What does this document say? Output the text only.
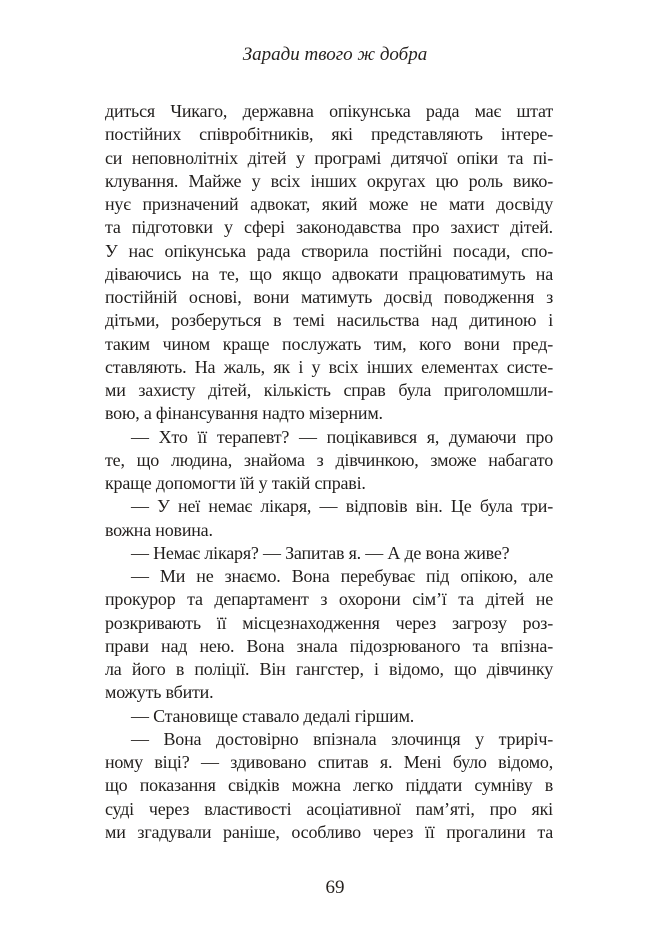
Заради твого ж добра
диться Чикаго, державна опікунська рада має штат
постійних співробітників, які представляють інтере-
си неповнолітніх дітей у програмі дитячої опіки та пі-
клування. Майже у всіх інших округах цю роль вико-
нує призначений адвокат, який може не мати досвіду
та підготовки у сфері законодавства про захист дітей.
У нас опікунська рада створила постійні посади, спо-
діваючись на те, що якщо адвокати працюватимуть на
постійній основі, вони матимуть досвід поводження з
дітьми, розберуться в темі насильства над дитиною і
таким чином краще послужать тим, кого вони пред-
ставляють. На жаль, як і у всіх інших елементах систе-
ми захисту дітей, кількість справ була приголомшли-
вою, а фінансування надто мізерним.
— Хто її терапевт? — поцікавився я, думаючи про
те, що людина, знайома з дівчинкою, зможе набагато
краще допомогти їй у такій справі.
— У неї немає лікаря, — відповів він. Це була три-
вожна новина.
— Немає лікаря? — Запитав я. — А де вона живе?
— Ми не знаємо. Вона перебуває під опікою, але
прокурор та департамент з охорони сім’ї та дітей не
розкривають її місцезнаходження через загрозу роз-
прави над нею. Вона знала підозрюваного та впізна-
ла його в поліції. Він гангстер, і відомо, що дівчинку
можуть вбити.
— Становище ставало дедалі гіршим.
— Вона достовірно впізнала злочинця у триріч-
ному віці? — здивовано спитав я. Мені було відомо,
що показання свідків можна легко піддати сумніву в
суді через властивості асоціативної пам’яті, про які
ми згадували раніше, особливо через її прогалини та
69
